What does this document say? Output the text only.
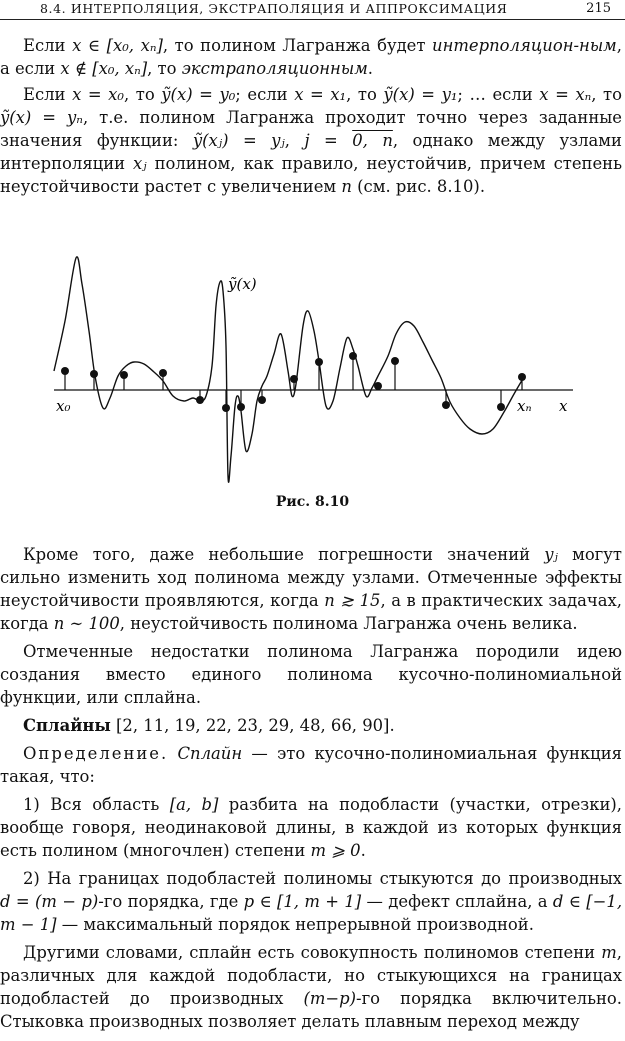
8.4. ИНТЕРПОЛЯЦИЯ, ЭКСТРАПОЛЯЦИЯ И АППРОКСИМАЦИЯ	215

Если x ∈ [x₀, xₙ], то полином Лагранжа будет интерполяцион-ным, а если x ∉ [x₀, xₙ], то экстраполяционным.

Если x = x₀, то ỹ(x) = y₀; если x = x₁, то ỹ(x) = y₁; … если x = xₙ, то ỹ(x) = yₙ, т.е. полином Лагранжа проходит точно через заданные значения функции: ỹ(xⱼ) = yⱼ, j = 0, n, однако между узлами интерполяции xⱼ полином, как правило, неустойчив, причем степень неустойчивости растет с увеличением n (см. рис. 8.10).

ỹ(x)
x₀	xₙ x
Рис. 8.10

Кроме того, даже небольшие погрешности значений yⱼ могут сильно изменить ход полинома между узлами. Отмеченные эффекты неустойчивости проявляются, когда n ≳ 15, а в практических задачах, когда n ∼ 100, неустойчивость полинома Лагранжа очень велика.

Отмеченные недостатки полинома Лагранжа породили идею создания вместо единого полинома кусочно-полиномиальной функции, или сплайна.

Сплайны [2, 11, 19, 22, 23, 29, 48, 66, 90].

Определение. Сплайн — это кусочно-полиномиальная функция такая, что:

1) Вся область [a, b] разбита на подобласти (участки, отрезки), вообще говоря, неодинаковой длины, в каждой из которых функция есть полином (многочлен) степени m ⩾ 0.

2) На границах подобластей полиномы стыкуются до производных d = (m − p)-го порядка, где p ∈ [1, m + 1] — дефект сплайна, а d ∈ [−1, m − 1] — максимальный порядок непрерывной производной.

Другими словами, сплайн есть совокупность полиномов степени m, различных для каждой подобласти, но стыкующихся на границах подобластей до производных (m−p)-го порядка включительно. Стыковка производных позволяет делать плавным переход между
